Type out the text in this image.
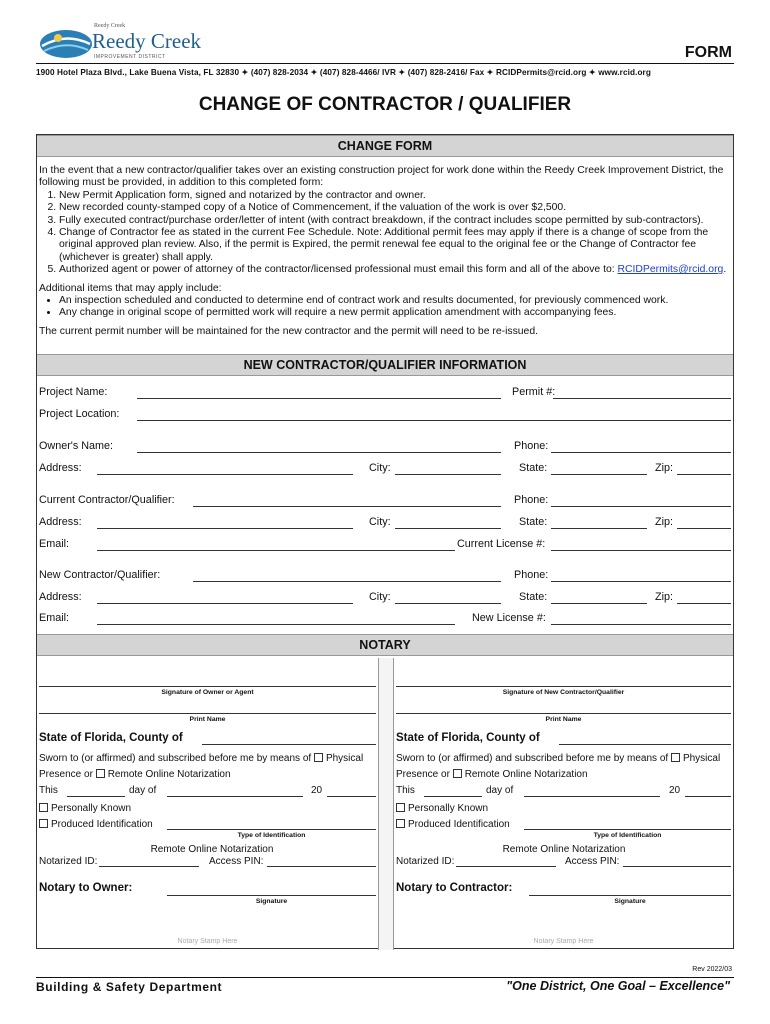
Reedy Creek
Reedy Creek
IMPROVEMENT DISTRICT	FORM
1900 Hotel Plaza Blvd., Lake Buena Vista, FL 32830 ✦ (407) 828-2034 ✦ (407) 828-4466/ IVR ✦ (407) 828-2416/ Fax ✦ RCIDPermits@rcid.org ✦ www.rcid.org
CHANGE OF CONTRACTOR / QUALIFIER
CHANGE FORM

In the event that a new contractor/qualifier takes over an existing construction project for work done within the Reedy Creek Improvement District, the following must be provided, in addition to this completed form:

1. New Permit Application form, signed and notarized by the contractor and owner.
2. New recorded county-stamped copy of a Notice of Commencement, if the valuation of the work is over $2,500.
3. Fully executed contract/purchase order/letter of intent (with contract breakdown, if the contract includes scope permitted by sub-contractors).
4. Change of Contractor fee as stated in the current Fee Schedule. Note: Additional permit fees may apply if there is a change of scope from the original approved plan review. Also, if the permit is Expired, the permit renewal fee equal to the original fee or the Change of Contractor fee (whichever is greater) shall apply.
5. Authorized agent or power of attorney of the contractor/licensed professional must email this form and all of the above to: RCIDPermits@rcid.org.

Additional items that may apply include:

• An inspection scheduled and conducted to determine end of contract work and results documented, for previously commenced work.
• Any change in original scope of permitted work will require a new permit application amendment with accompanying fees.

The current permit number will be maintained for the new contractor and the permit will need to be re-issued.

NEW CONTRACTOR/QUALIFIER INFORMATION
Project Name:	Permit #:
Project Location:
Owner's Name:	Phone:
Address:	City:	State:	Zip:
Current Contractor/Qualifier:	Phone:
Address:	City:	State:	Zip:
Email:	Current License #:
New Contractor/Qualifier:	Phone:
Address:	City:	State:	Zip:
Email:	New License #:
NOTARY
Signature of Owner or Agent
Print Name
State of Florida, County of
Sworn to (or affirmed) and subscribed before me by means of Physical
Presence or Remote Online Notarization
This	day of	20
Personally Known
Produced Identification
Type of Identification
Remote Online Notarization
Access PIN:
Notarized ID:
Notary to Owner:
Signature
Notary Stamp Here
Signature of New Contractor/Qualifier
Print Name
State of Florida, County of
Sworn to (or affirmed) and subscribed before me by means of Physical
Presence or Remote Online Notarization
This	day of	20
Personally Known
Produced Identification
Type of Identification
Remote Online Notarization
Access PIN:
Notarized ID:
Notary to Contractor:
Signature
Notary Stamp Here
Rev 2022/03
Building & Safety Department	"One District, One Goal – Excellence"
